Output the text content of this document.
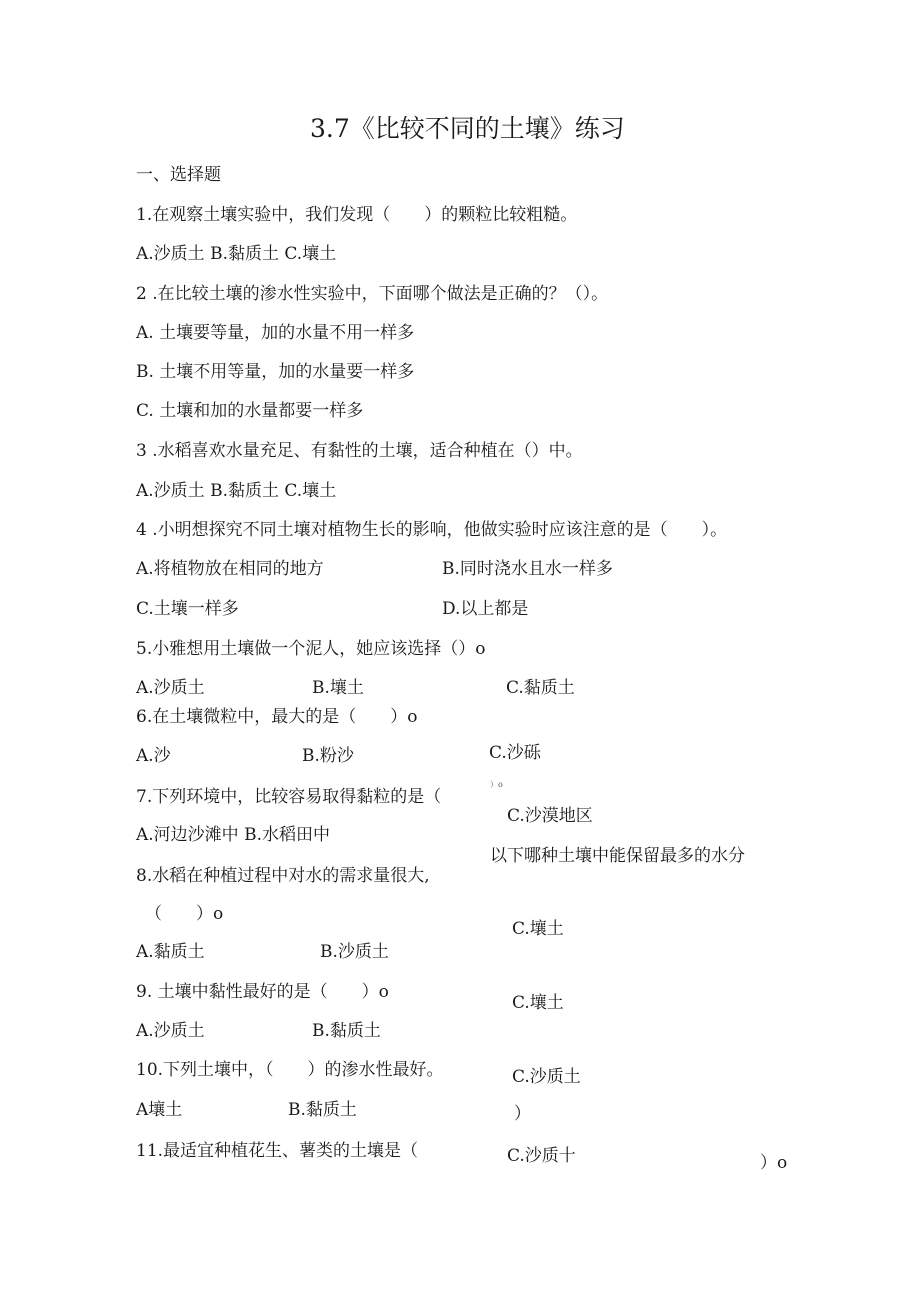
3.7《比较不同的土壤》练习
一、选择题
1.在观察土壤实验中，我们发现（　　）的颗粒比较粗糙。
A.沙质土 B.黏质土 C.壤土
2 .在比较土壤的渗水性实验中，下面哪个做法是正确的？（）。
A. 土壤要等量，加的水量不用一样多
B. 土壤不用等量，加的水量要一样多
C. 土壤和加的水量都要一样多
3 .水稻喜欢水量充足、有黏性的土壤，适合种植在（）中。
A.沙质土 B.黏质土 C.壤土
4 .小明想探究不同土壤对植物生长的影响，他做实验时应该注意的是（　　）。
A.将植物放在相同的地方	B.同时浇水且水一样多
C.土壤一样多	D.以上都是
5.小雅想用土壤做一个泥人，她应该选择（）o
A.沙质土	B.壤土	C.黏质土
6.在土壤微粒中，最大的是（　　）o
A.沙	B.粉沙	C.沙砾
）o
7.下列环境中，比较容易取得黏粒的是（
A.河边沙滩中 B.水稻田中
C.沙漠地区
8.水稻在种植过程中对水的需求量很大,
以下哪种土壤中能保留最多的水分
（　　）o
A.黏质土	B.沙质土
C.壤土
9. 土壤中黏性最好的是（　　）o
A.沙质土	B.黏质土
C.壤土
10.下列土壤中，（　　）的渗水性最好。
A壤土	B.黏质土
C.沙质土
）
11.最适宜种植花生、薯类的土壤是（	C.沙质十	）o
